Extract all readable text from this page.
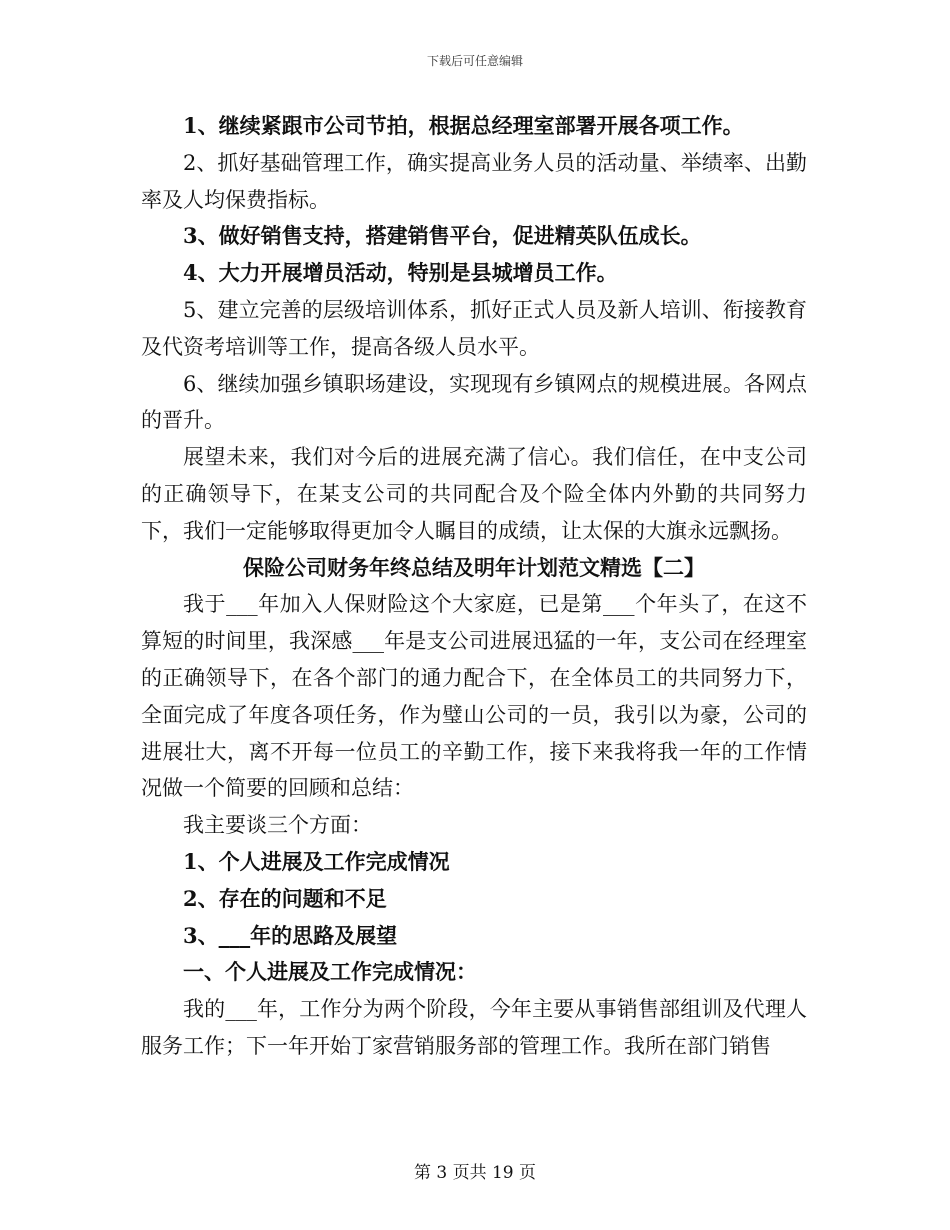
下载后可任意编辑

1、继续紧跟市公司节拍，根据总经理室部署开展各项工作。

2、抓好基础管理工作，确实提高业务人员的活动量、举绩率、出勤率及人均保费指标。

3、做好销售支持，搭建销售平台，促进精英队伍成长。

4、大力开展增员活动，特别是县城增员工作。

5、建立完善的层级培训体系，抓好正式人员及新人培训、衔接教育及代资考培训等工作，提高各级人员水平。

6、继续加强乡镇职场建设，实现现有乡镇网点的规模进展。各网点的晋升。

展望未来，我们对今后的进展充满了信心。我们信任，在中支公司的正确领导下，在某支公司的共同配合及个险全体内外勤的共同努力下，我们一定能够取得更加令人瞩目的成绩，让太保的大旗永远飘扬。

保险公司财务年终总结及明年计划范文精选【二】

我于___年加入人保财险这个大家庭，已是第___个年头了，在这不算短的时间里，我深感___年是支公司进展迅猛的一年，支公司在经理室的正确领导下，在各个部门的通力配合下，在全体员工的共同努力下，全面完成了年度各项任务，作为璧山公司的一员，我引以为豪，公司的进展壮大，离不开每一位员工的辛勤工作，接下来我将我一年的工作情况做一个简要的回顾和总结：

我主要谈三个方面：

1、个人进展及工作完成情况

2、存在的问题和不足

3、___年的思路及展望

一、个人进展及工作完成情况：

我的___年，工作分为两个阶段，今年主要从事销售部组训及代理人服务工作；下一年开始丁家营销服务部的管理工作。我所在部门销售

第 3 页共 19 页
